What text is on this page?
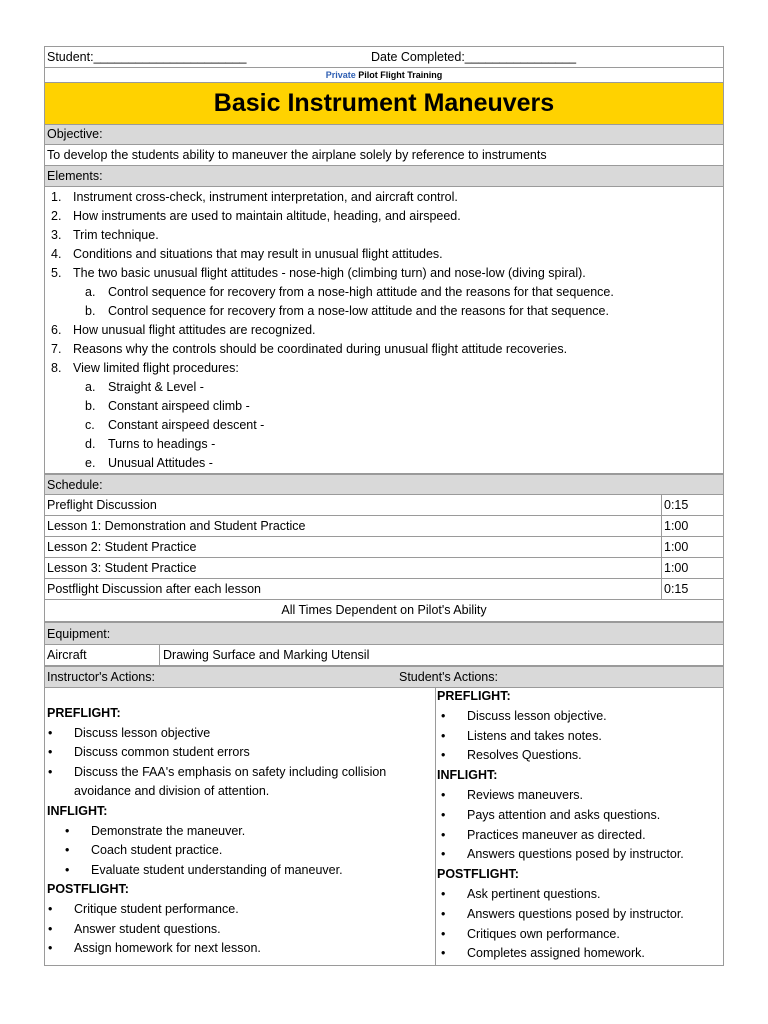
Student:______________________	Date Completed:________________
Private Pilot Flight Training
Basic Instrument Maneuvers
Objective:
To develop the students ability to maneuver the airplane solely by reference to instruments
Elements:
1. Instrument cross-check, instrument interpretation, and aircraft control.
2. How instruments are used to maintain altitude, heading, and airspeed.
3. Trim technique.
4. Conditions and situations that may result in unusual flight attitudes.
5. The two basic unusual flight attitudes - nose-high (climbing turn) and nose-low (diving spiral).
a. Control sequence for recovery from a nose-high attitude and the reasons for that sequence.
b. Control sequence for recovery from a nose-low attitude and the reasons for that sequence.
6. How unusual flight attitudes are recognized.
7. Reasons why the controls should be coordinated during unusual flight attitude recoveries.
8. View limited flight procedures:
a. Straight & Level -
b. Constant airspeed climb -
c. Constant airspeed descent -
d. Turns to headings -
e. Unusual Attitudes -
Schedule:
Preflight Discussion	0:15
Lesson 1: Demonstration and Student Practice	1:00
Lesson 2: Student Practice	1:00
Lesson 3: Student Practice	1:00
Postflight Discussion after each lesson	0:15
All Times Dependent on Pilot's Ability
Equipment:
Aircraft	Drawing Surface and Marking Utensil
Instructor's Actions:	Student's Actions:
PREFLIGHT:
• Discuss lesson objective
• Discuss common student errors
• Discuss the FAA's emphasis on safety including collision
avoidance and division of attention.
INFLIGHT:
• Demonstrate the maneuver.
• Coach student practice.
• Evaluate student understanding of maneuver.
POSTFLIGHT:
• Critique student performance.
• Answer student questions.
• Assign homework for next lesson.
PREFLIGHT:
• Discuss lesson objective.
• Listens and takes notes.
• Resolves Questions.
INFLIGHT:
• Reviews maneuvers.
• Pays attention and asks questions.
• Practices maneuver as directed.
• Answers questions posed by instructor.
POSTFLIGHT:
• Ask pertinent questions.
• Answers questions posed by instructor.
• Critiques own performance.
• Completes assigned homework.
